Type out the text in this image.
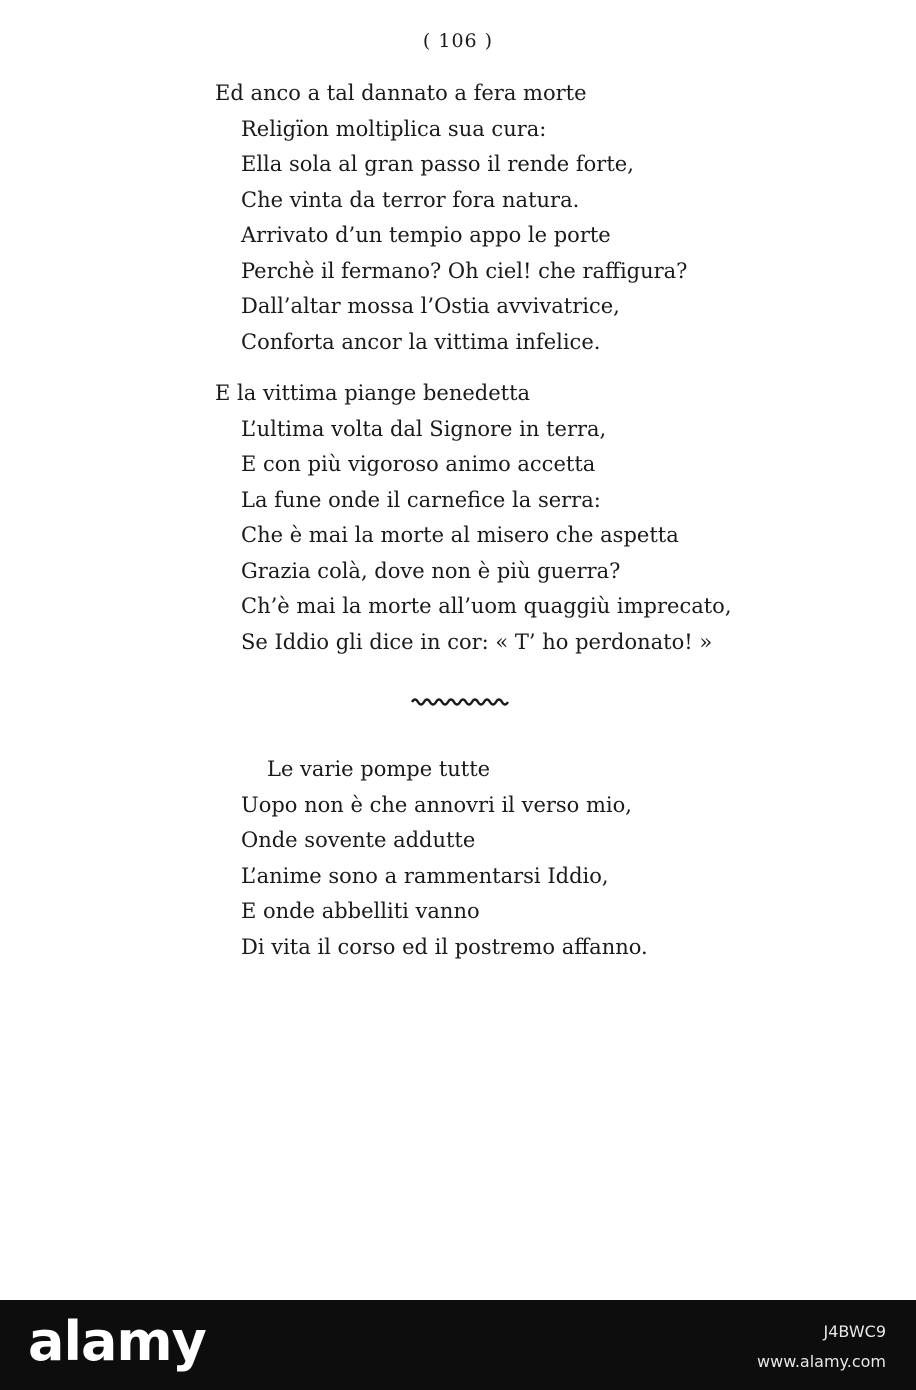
( 106 )
Ed anco a tal dannato a fera morte
Religïon moltiplica sua cura:
Ella sola al gran passo il rende forte,
Che vinta da terror fora natura.
Arrivato d’un tempio appo le porte
Perchè il fermano? Oh ciel! che raffigura?
Dall’altar mossa l’Ostia avvivatrice,
Conforta ancor la vittima infelice.
E la vittima piange benedetta
L’ultima volta dal Signore in terra,
E con più vigoroso animo accetta
La fune onde il carnefice la serra:
Che è mai la morte al misero che aspetta
Grazia colà, dove non è più guerra?
Ch’è mai la morte all’uom quaggiù imprecato,
Se Iddio gli dice in cor: « T’ ho perdonato! »
Le varie pompe tutte
Uopo non è che annovri il verso mio,
Onde sovente addutte
L’anime sono a rammentarsi Iddio,
E onde abbelliti vanno
Di vita il corso ed il postremo affanno.
alamy	J4BWC9
www.alamy.com
